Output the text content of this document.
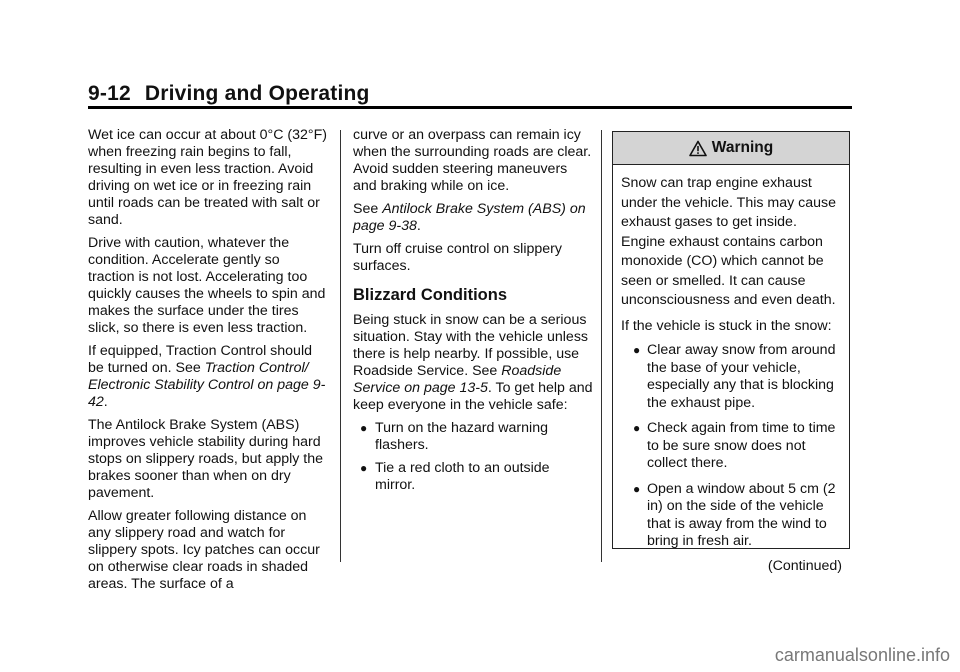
9-12 Driving and Operating

Wet ice can occur at about 0°C (32°F) when freezing rain begins to fall, resulting in even less traction. Avoid driving on wet ice or in freezing rain until roads can be treated with salt or sand.

Drive with caution, whatever the condition. Accelerate gently so traction is not lost. Accelerating too quickly causes the wheels to spin and makes the surface under the tires slick, so there is even less traction.

If equipped, Traction Control should be turned on. See Traction Control/ Electronic Stability Control on page 9-42.

The Antilock Brake System (ABS) improves vehicle stability during hard stops on slippery roads, but apply the brakes sooner than when on dry pavement.

Allow greater following distance on any slippery road and watch for slippery spots. Icy patches can occur on otherwise clear roads in shaded areas. The surface of a

curve or an overpass can remain icy when the surrounding roads are clear. Avoid sudden steering maneuvers and braking while on ice.

See Antilock Brake System (ABS) on page 9-38.

Turn off cruise control on slippery surfaces.

Blizzard Conditions

Being stuck in snow can be a serious situation. Stay with the vehicle unless there is help nearby. If possible, use Roadside Service. See Roadside Service on page 13-5. To get help and keep everyone in the vehicle safe:

● Turn on the hazard warning flashers.
● Tie a red cloth to an outside mirror.
Warning

Snow can trap engine exhaust under the vehicle. This may cause exhaust gases to get inside. Engine exhaust contains carbon monoxide (CO) which cannot be seen or smelled. It can cause unconsciousness and even death.

If the vehicle is stuck in the snow:

● Clear away snow from around the base of your vehicle, especially any that is blocking the exhaust pipe.
● Check again from time to time to be sure snow does not collect there.
● Open a window about 5 cm (2 in) on the side of the vehicle that is away from the wind to bring in fresh air.
(Continued)
carmanualsonline.info
